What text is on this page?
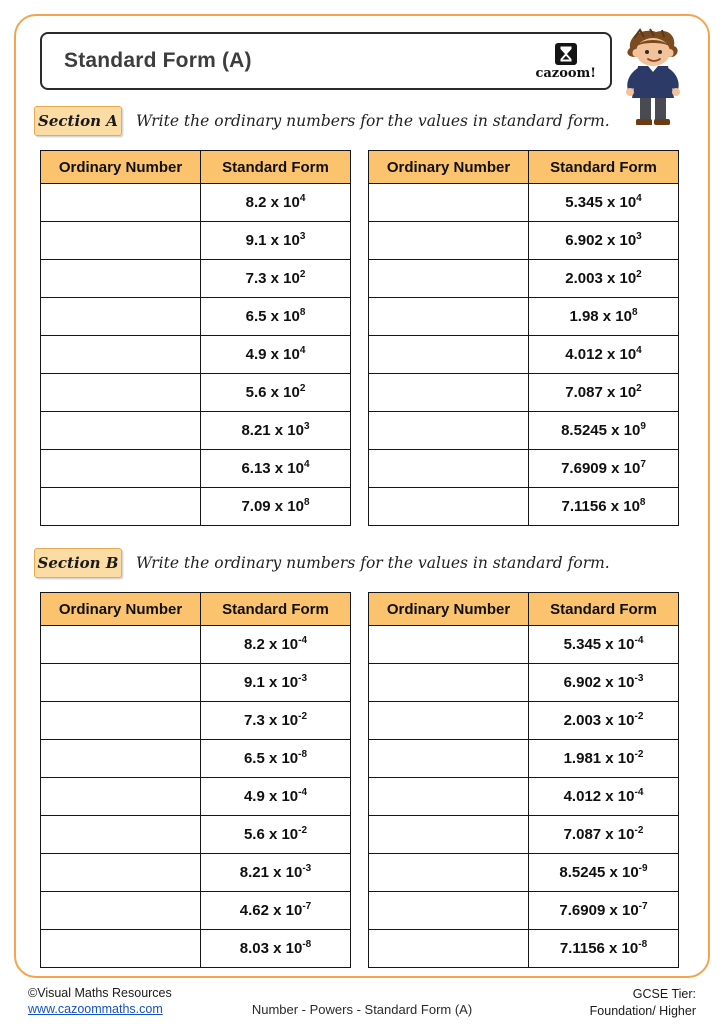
Standard Form (A)
cazoom!
Section A Write the ordinary numbers for the values in standard form.
Ordinary Number	Standard Form
	8.2 x $10^4$
	9.1 x $10^3$
	7.3 x $10^2$
	6.5 x $10^8$
	4.9 x $10^4$
	5.6 x $10^2$
	8.21 x $10^3$
	6.13 x $10^4$
	7.09 x $10^8$
Ordinary Number	Standard Form
	5.345 x $10^4$
	6.902 x $10^3$
	2.003 x $10^2$
	1.98 x $10^8$
	4.012 x $10^4$
	7.087 x $10^2$
	8.5245 x $10^9$
	7.6909 x $10^7$
	7.1156 x $10^8$
Section B Write the ordinary numbers for the values in standard form.
Ordinary Number	Standard Form
	8.2 x $10^{-4}$
	9.1 x $10^{-3}$
	7.3 x $10^{-2}$
	6.5 x $10^{-8}$
	4.9 x $10^{-4}$
	5.6 x $10^{-2}$
	8.21 x $10^{-3}$
	4.62 x $10^{-7}$
	8.03 x $10^{-8}$
Ordinary Number	Standard Form
	5.345 x $10^{-4}$
	6.902 x $10^{-3}$
	2.003 x $10^{-2}$
	1.981 x $10^{-2}$
	4.012 x $10^{-4}$
	7.087 x $10^{-2}$
	8.5245 x $10^{-9}$
	7.6909 x $10^{-7}$
	7.1156 x $10^{-8}$
©Visual Maths Resources
www.cazoommaths.com	Number - Powers - Standard Form (A)
GCSE Tier:
Foundation/ Higher
